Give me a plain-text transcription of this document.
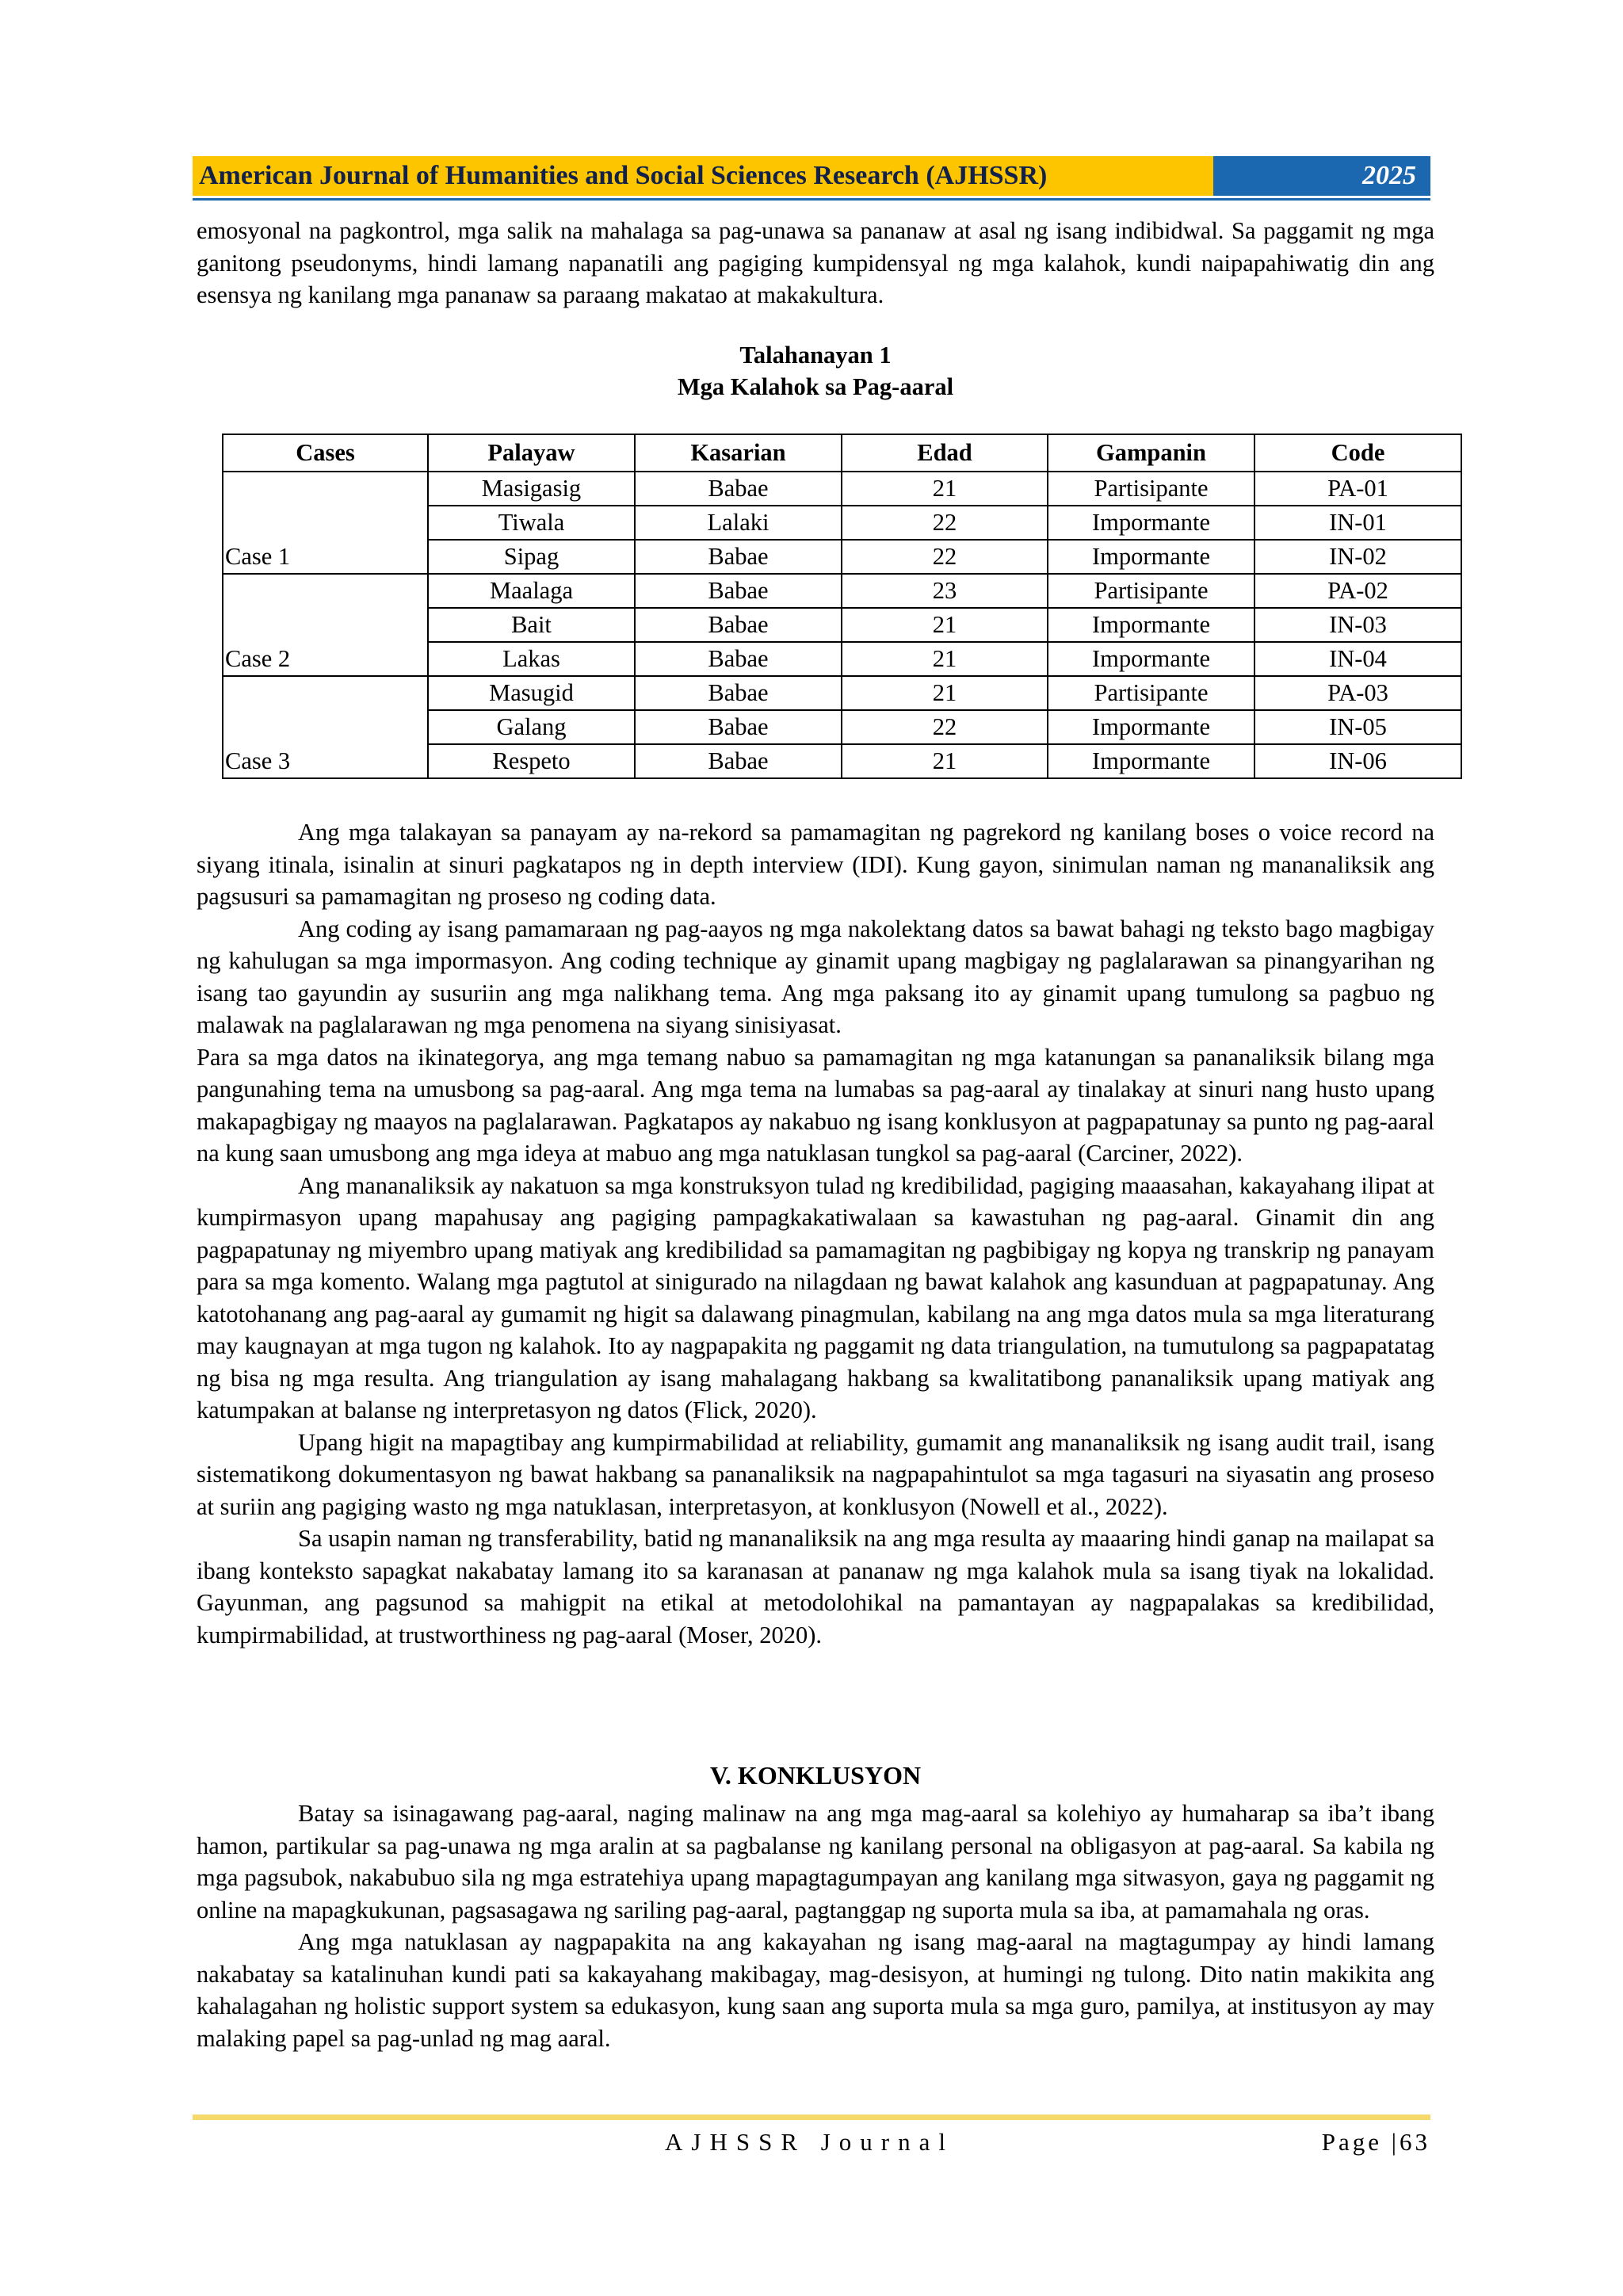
American Journal of Humanities and Social Sciences Research (AJHSSR)	2025

emosyonal na pagkontrol, mga salik na mahalaga sa pag-unawa sa pananaw at asal ng isang indibidwal. Sa paggamit ng mga ganitong pseudonyms, hindi lamang napanatili ang pagiging kumpidensyal ng mga kalahok, kundi naipapahiwatig din ang esensya ng kanilang mga pananaw sa paraang makatao at makakultura.

Talahanayan 1
Mga Kalahok sa Pag-aaral
Cases	Palayaw	Kasarian	Edad	Gampanin	Code
Case 1	Masigasig	Babae	21	Partisipante	PA-01
	Tiwala	Lalaki	22	Impormante	IN-01
	Sipag	Babae	22	Impormante	IN-02
Case 2	Maalaga	Babae	23	Partisipante	PA-02
	Bait	Babae	21	Impormante	IN-03
	Lakas	Babae	21	Impormante	IN-04
Case 3	Masugid	Babae	21	Partisipante	PA-03
	Galang	Babae	22	Impormante	IN-05
	Respeto	Babae	21	Impormante	IN-06

Ang mga talakayan sa panayam ay na-rekord sa pamamagitan ng pagrekord ng kanilang boses o voice record na siyang itinala, isinalin at sinuri pagkatapos ng in depth interview (IDI). Kung gayon, sinimulan naman ng mananaliksik ang pagsusuri sa pamamagitan ng proseso ng coding data.

Ang coding ay isang pamamaraan ng pag-aayos ng mga nakolektang datos sa bawat bahagi ng teksto bago magbigay ng kahulugan sa mga impormasyon. Ang coding technique ay ginamit upang magbigay ng paglalarawan sa pinangyarihan ng isang tao gayundin ay susuriin ang mga nalikhang tema. Ang mga paksang ito ay ginamit upang tumulong sa pagbuo ng malawak na paglalarawan ng mga penomena na siyang sinisiyasat.

Para sa mga datos na ikinategorya, ang mga temang nabuo sa pamamagitan ng mga katanungan sa pananaliksik bilang mga pangunahing tema na umusbong sa pag-aaral. Ang mga tema na lumabas sa pag-aaral ay tinalakay at sinuri nang husto upang makapagbigay ng maayos na paglalarawan. Pagkatapos ay nakabuo ng isang konklusyon at pagpapatunay sa punto ng pag-aaral na kung saan umusbong ang mga ideya at mabuo ang mga natuklasan tungkol sa pag-aaral (Carciner, 2022).

Ang mananaliksik ay nakatuon sa mga konstruksyon tulad ng kredibilidad, pagiging maaasahan, kakayahang ilipat at kumpirmasyon upang mapahusay ang pagiging pampagkakatiwalaan sa kawastuhan ng pag-aaral. Ginamit din ang pagpapatunay ng miyembro upang matiyak ang kredibilidad sa pamamagitan ng pagbibigay ng kopya ng transkrip ng panayam para sa mga komento. Walang mga pagtutol at sinigurado na nilagdaan ng bawat kalahok ang kasunduan at pagpapatunay. Ang katotohanang ang pag-aaral ay gumamit ng higit sa dalawang pinagmulan, kabilang na ang mga datos mula sa mga literaturang may kaugnayan at mga tugon ng kalahok. Ito ay nagpapakita ng paggamit ng data triangulation, na tumutulong sa pagpapatatag ng bisa ng mga resulta. Ang triangulation ay isang mahalagang hakbang sa kwalitatibong pananaliksik upang matiyak ang katumpakan at balanse ng interpretasyon ng datos (Flick, 2020).

Upang higit na mapagtibay ang kumpirmabilidad at reliability, gumamit ang mananaliksik ng isang audit trail, isang sistematikong dokumentasyon ng bawat hakbang sa pananaliksik na nagpapahintulot sa mga tagasuri na siyasatin ang proseso at suriin ang pagiging wasto ng mga natuklasan, interpretasyon, at konklusyon (Nowell et al., 2022).

Sa usapin naman ng transferability, batid ng mananaliksik na ang mga resulta ay maaaring hindi ganap na mailapat sa ibang konteksto sapagkat nakabatay lamang ito sa karanasan at pananaw ng mga kalahok mula sa isang tiyak na lokalidad. Gayunman, ang pagsunod sa mahigpit na etikal at metodolohikal na pamantayan ay nagpapalakas sa kredibilidad, kumpirmabilidad, at trustworthiness ng pag-aaral (Moser, 2020).

V. KONKLUSYON

Batay sa isinagawang pag-aaral, naging malinaw na ang mga mag-aaral sa kolehiyo ay humaharap sa iba’t ibang hamon, partikular sa pag-unawa ng mga aralin at sa pagbalanse ng kanilang personal na obligasyon at pag-aaral. Sa kabila ng mga pagsubok, nakabubuo sila ng mga estratehiya upang mapagtagumpayan ang kanilang mga sitwasyon, gaya ng paggamit ng online na mapagkukunan, pagsasagawa ng sariling pag-aaral, pagtanggap ng suporta mula sa iba, at pamamahala ng oras.

Ang mga natuklasan ay nagpapakita na ang kakayahan ng isang mag-aaral na magtagumpay ay hindi lamang nakabatay sa katalinuhan kundi pati sa kakayahang makibagay, mag-desisyon, at humingi ng tulong. Dito natin makikita ang kahalagahan ng holistic support system sa edukasyon, kung saan ang suporta mula sa mga guro, pamilya, at institusyon ay may malaking papel sa pag-unlad ng mag aaral.

AJHSSR Journal	Page |63
